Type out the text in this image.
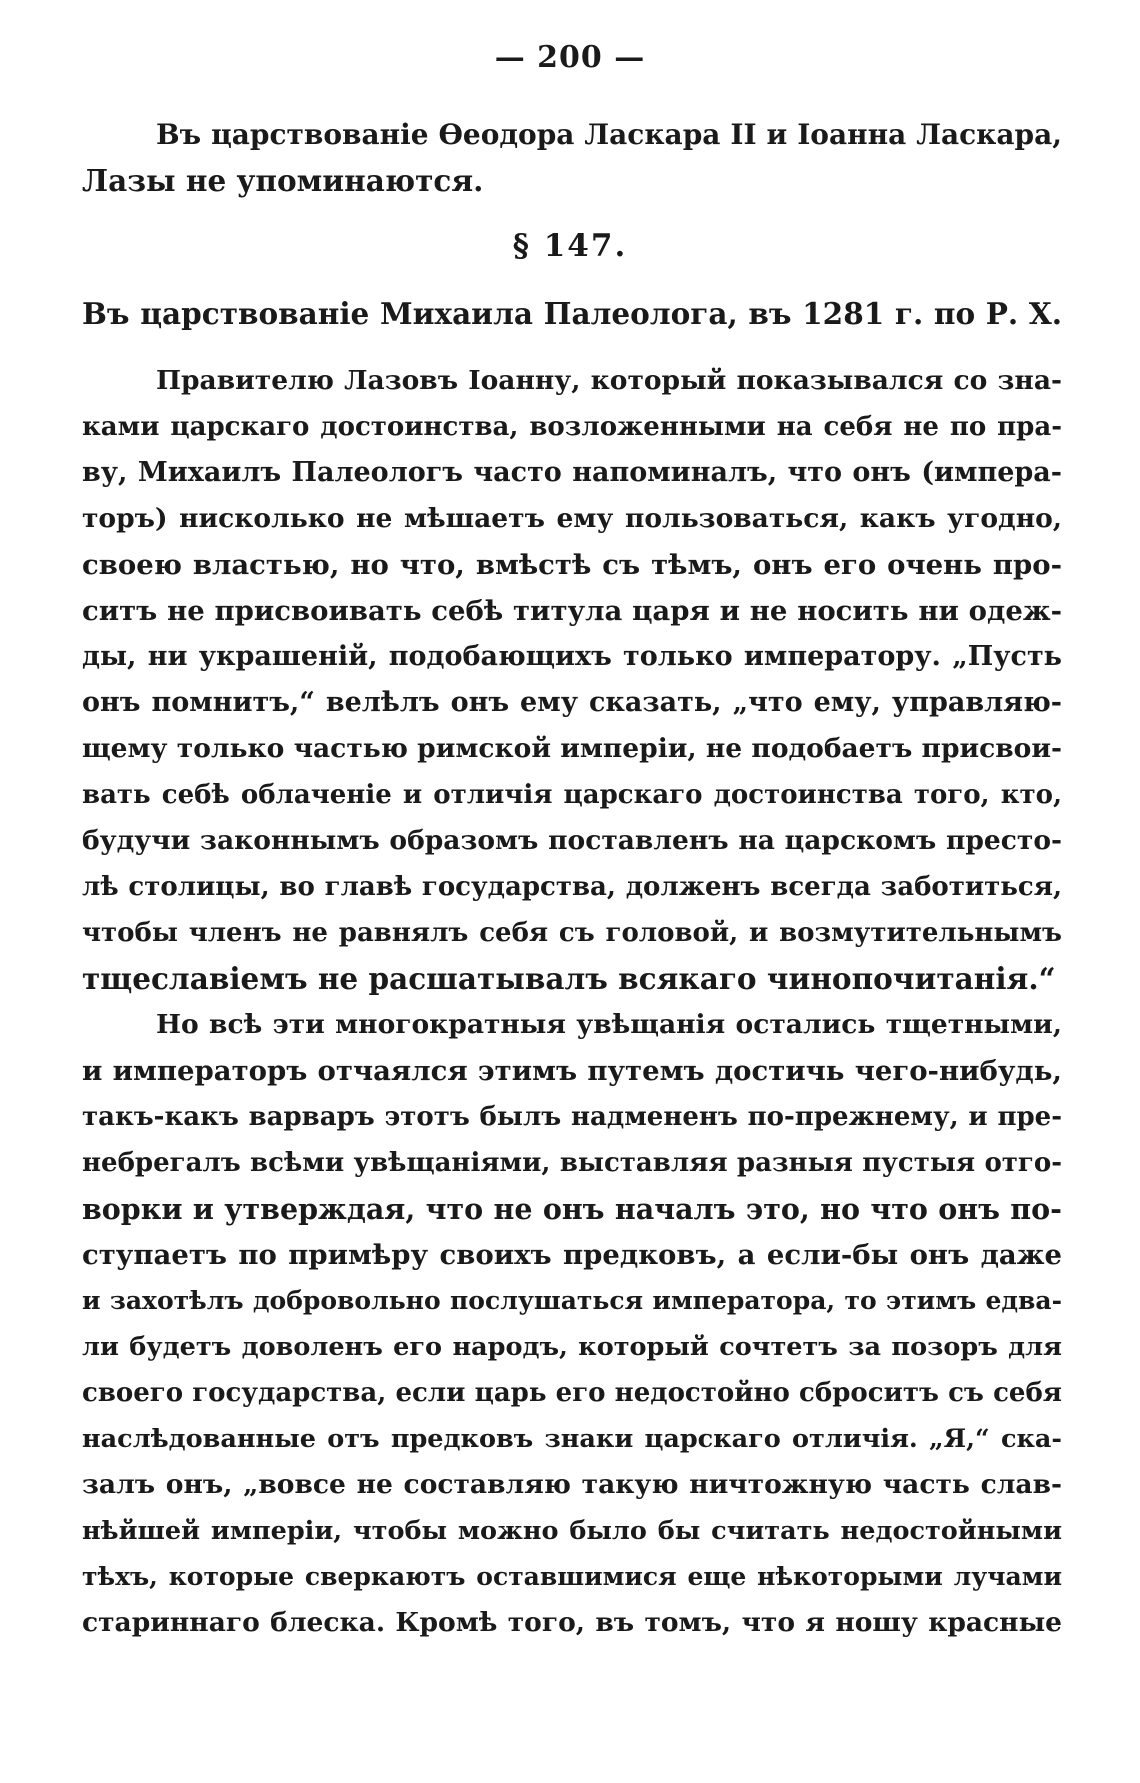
— 200 —
Въ царствованіе Ѳеодора Ласкара II и Іоанна Ласкара,
Лазы не упоминаются.
§ 147.
Въ царствованіе Михаила Палеолога, въ 1281 г. по Р. Х.
Правителю Лазовъ Іоанну, который показывался со зна-
ками царскаго достоинства, возложенными на себя не по пра-
ву, Михаилъ Палеологъ часто напоминалъ, что онъ (импера-
торъ) нисколько не мѣшаетъ ему пользоваться, какъ угодно,
своею властью, но что, вмѣстѣ съ тѣмъ, онъ его очень про-
ситъ не присвоивать себѣ титула царя и не носить ни одеж-
ды, ни украшеній, подобающихъ только императору. „Пусть
онъ помнитъ,“ велѣлъ онъ ему сказать, „что ему, управляю-
щему только частью римской имперіи, не подобаетъ присвои-
вать себѣ облаченіе и отличія царскаго достоинства того, кто,
будучи законнымъ образомъ поставленъ на царскомъ престо-
лѣ столицы, во главѣ государства, долженъ всегда заботиться,
чтобы членъ не равнялъ себя съ головой, и возмутительнымъ
тщеславіемъ не расшатывалъ всякаго чинопочитанія.“
Но всѣ эти многократныя увѣщанія остались тщетными,
и императоръ отчаялся этимъ путемъ достичь чего-нибудь,
такъ-какъ варваръ этотъ былъ надмененъ по-прежнему, и пре-
небрегалъ всѣми увѣщаніями, выставляя разныя пустыя отго-
ворки и утверждая, что не онъ началъ это, но что онъ по-
ступаетъ по примѣру своихъ предковъ, а если-бы онъ даже
и захотѣлъ добровольно послушаться императора, то этимъ едва-
ли будетъ доволенъ его народъ, который сочтетъ за позоръ для
своего государства, если царь его недостойно сброситъ съ себя
наслѣдованные отъ предковъ знаки царскаго отличія. „Я,“ ска-
залъ онъ, „вовсе не составляю такую ничтожную часть слав-
нѣйшей имперіи, чтобы можно было бы считать недостойными
тѣхъ, которые сверкаютъ оставшимися еще нѣкоторыми лучами
стариннаго блеска. Кромѣ того, въ томъ, что я ношу красные
